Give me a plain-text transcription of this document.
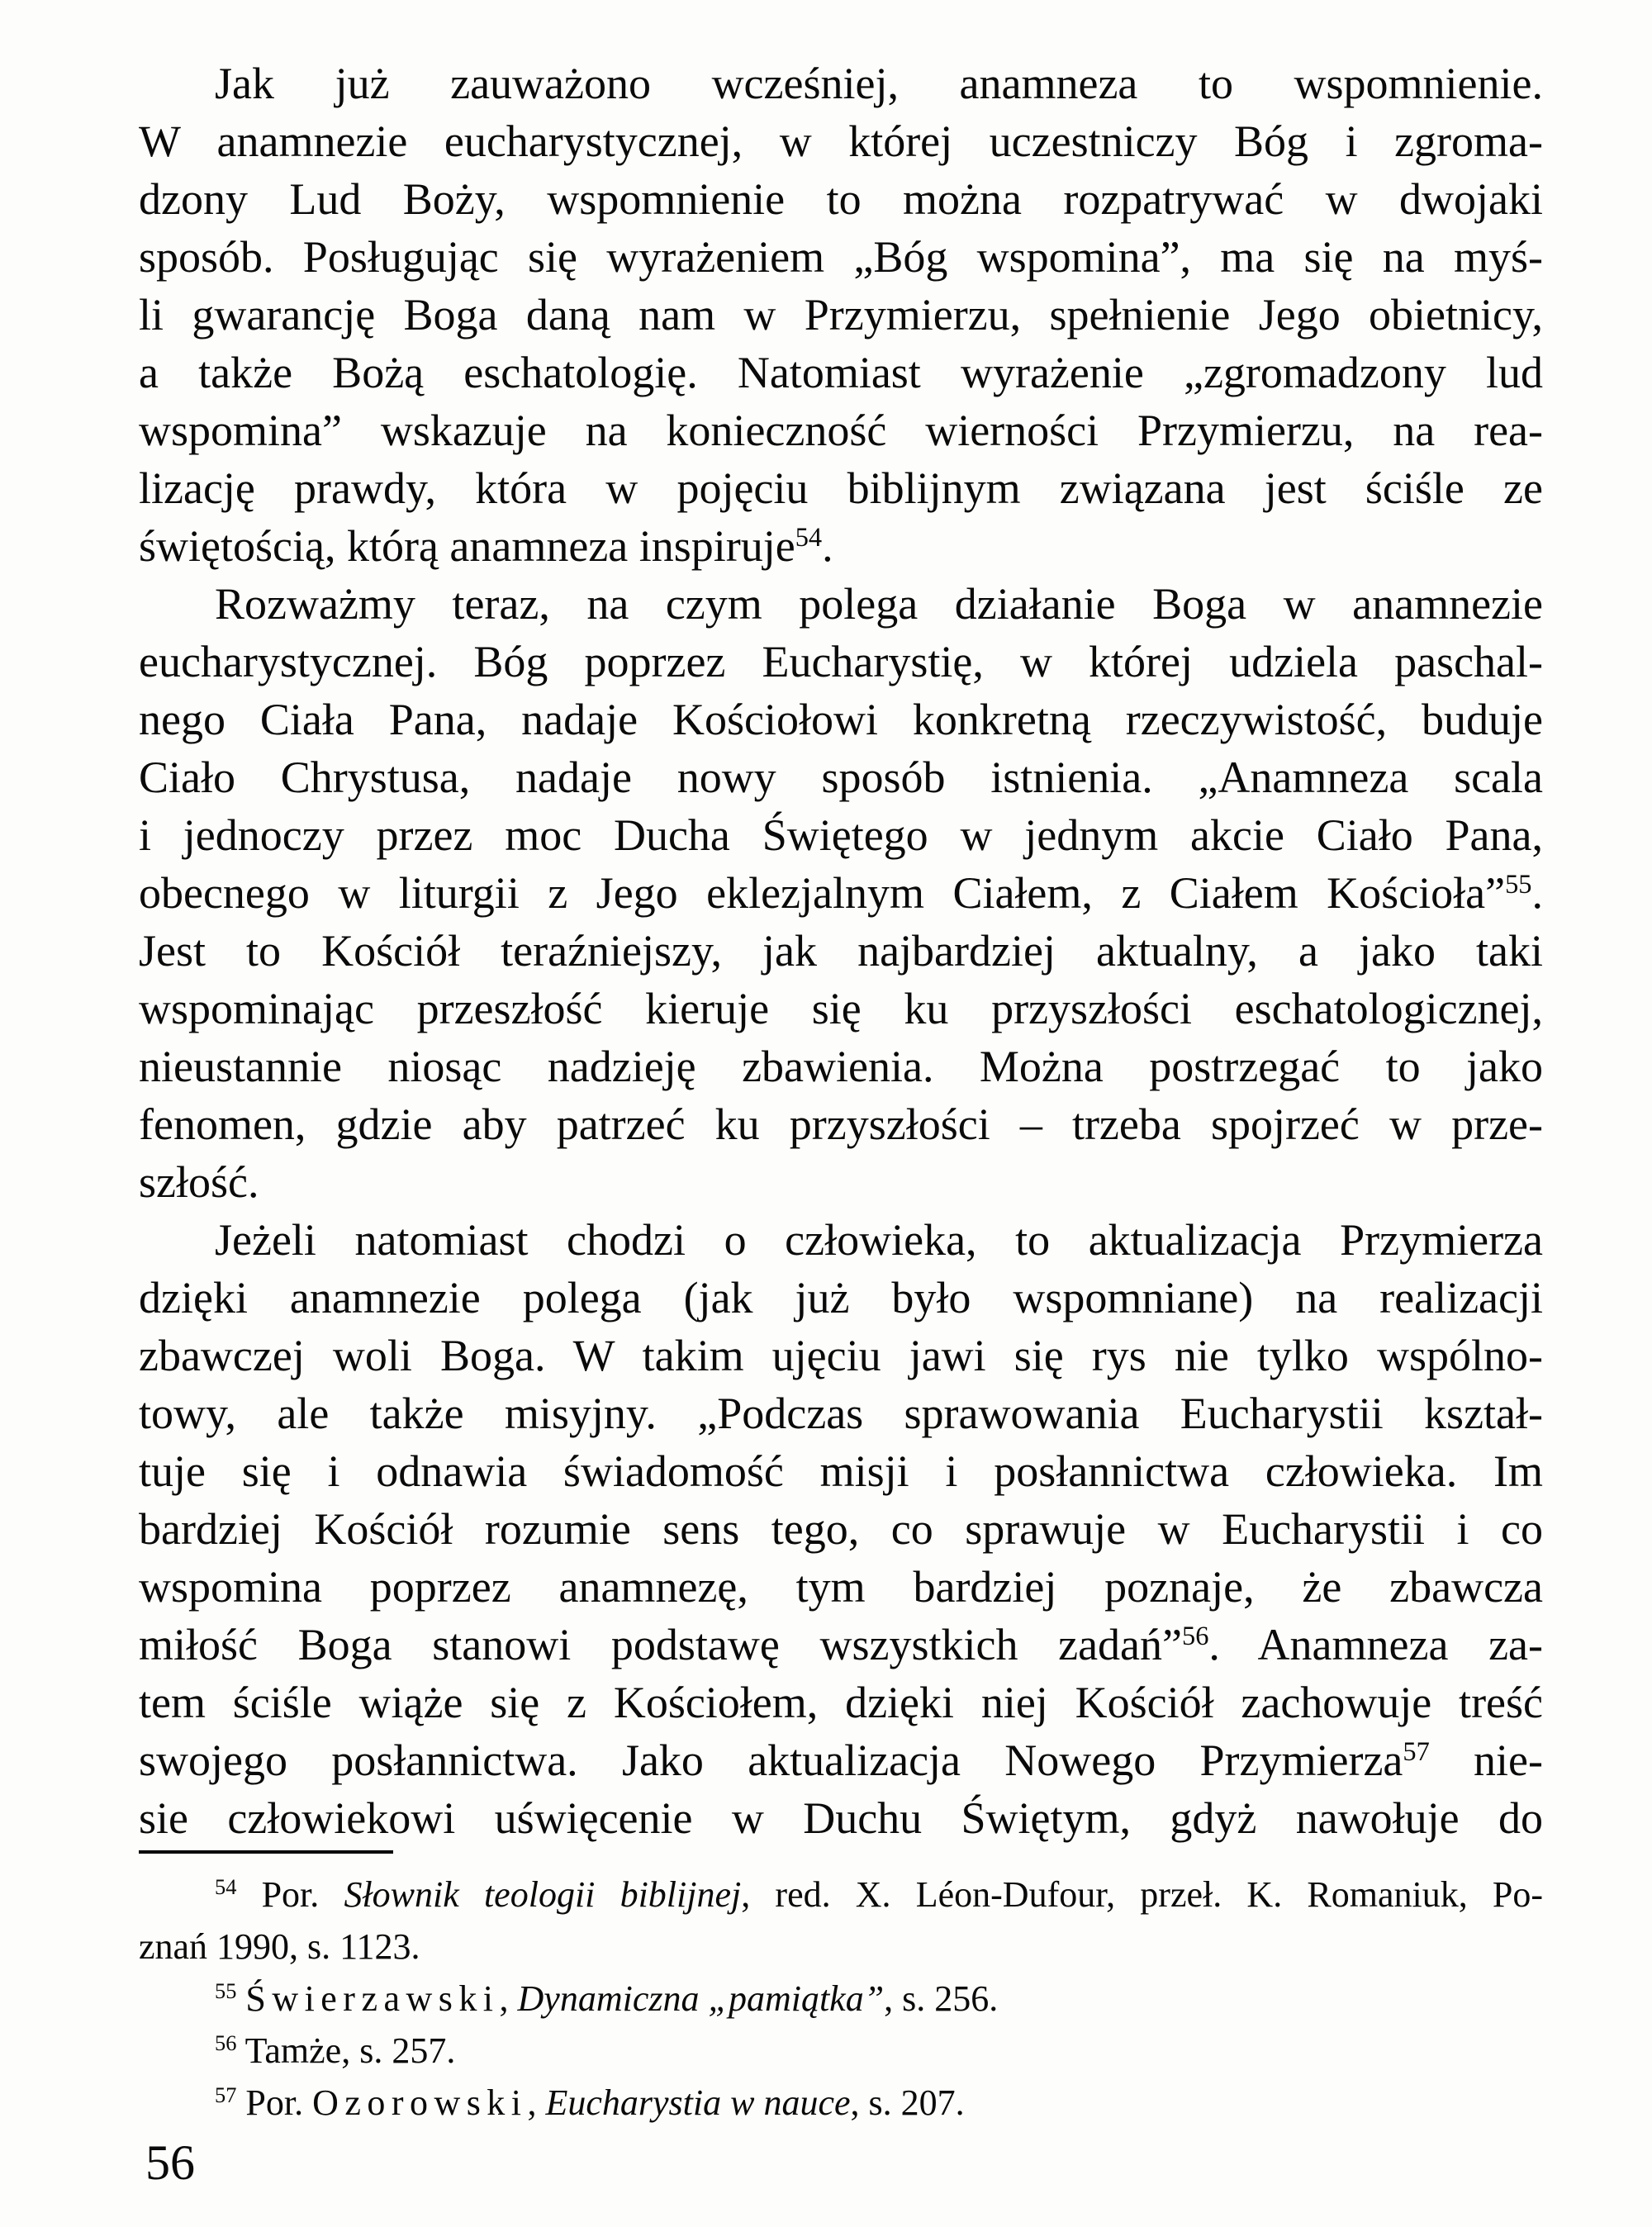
Jak już zauważono wcześniej, anamneza to wspomnienie.
W anamnezie eucharystycznej, w której uczestniczy Bóg i zgroma-
dzony Lud Boży, wspomnienie to można rozpatrywać w dwojaki
sposób. Posługując się wyrażeniem „Bóg wspomina”, ma się na myś-
li gwarancję Boga daną nam w Przymierzu, spełnienie Jego obietnicy,
a także Bożą eschatologię. Natomiast wyrażenie „zgromadzony lud
wspomina” wskazuje na konieczność wierności Przymierzu, na rea-
lizację prawdy, która w pojęciu biblijnym związana jest ściśle ze
świętością, którą anamneza inspiruje$^{54}$.

Rozważmy teraz, na czym polega działanie Boga w anamnezie
eucharystycznej. Bóg poprzez Eucharystię, w której udziela paschal-
nego Ciała Pana, nadaje Kościołowi konkretną rzeczywistość, buduje
Ciało Chrystusa, nadaje nowy sposób istnienia. „Anamneza scala
i jednoczy przez moc Ducha Świętego w jednym akcie Ciało Pana,
obecnego w liturgii z Jego eklezjalnym Ciałem, z Ciałem Kościoła”$^{55}$.
Jest to Kościół teraźniejszy, jak najbardziej aktualny, a jako taki
wspominając przeszłość kieruje się ku przyszłości eschatologicznej,
nieustannie niosąc nadzieję zbawienia. Można postrzegać to jako
fenomen, gdzie aby patrzeć ku przyszłości – trzeba spojrzeć w prze-
szłość.

Jeżeli natomiast chodzi o człowieka, to aktualizacja Przymierza
dzięki anamnezie polega (jak już było wspomniane) na realizacji
zbawczej woli Boga. W takim ujęciu jawi się rys nie tylko wspólno-
towy, ale także misyjny. „Podczas sprawowania Eucharystii kształ-
tuje się i odnawia świadomość misji i posłannictwa człowieka. Im
bardziej Kościół rozumie sens tego, co sprawuje w Eucharystii i co
wspomina poprzez anamnezę, tym bardziej poznaje, że zbawcza
miłość Boga stanowi podstawę wszystkich zadań”$^{56}$. Anamneza za-
tem ściśle wiąże się z Kościołem, dzięki niej Kościół zachowuje treść
swojego posłannictwa. Jako aktualizacja Nowego Przymierza$^{57}$ nie-
sie człowiekowi uświęcenie w Duchu Świętym, gdyż nawołuje do

$^{54}$ Por. Słownik teologii biblijnej, red. X. Léon-Dufour, przeł. K. Romaniuk, Po-
znań 1990, s. 1123.

$^{55}$ Świerzawski, Dynamiczna „pamiątka”, s. 256.

$^{56}$ Tamże, s. 257.

$^{57}$ Por. Ozorowski, Eucharystia w nauce, s. 207.

56
